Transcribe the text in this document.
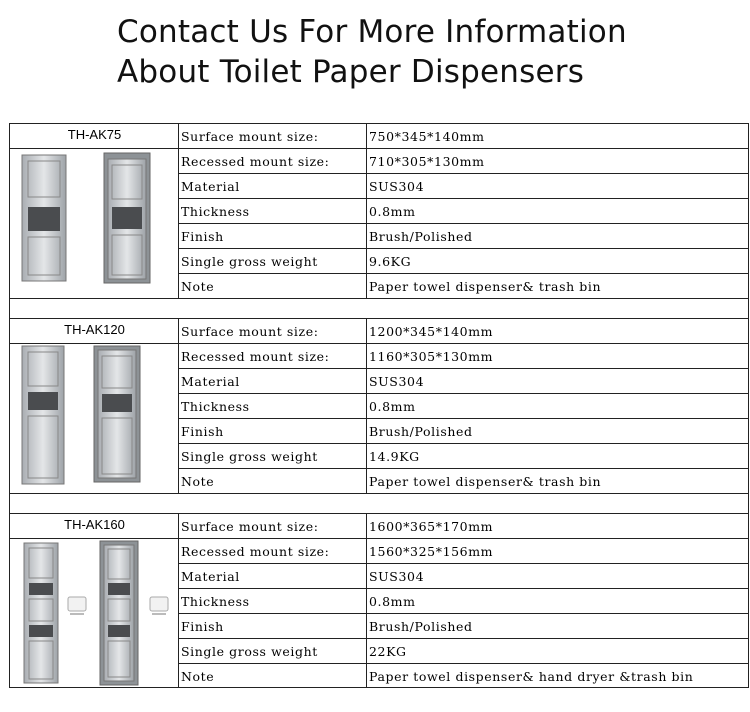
Contact Us For More Information
About Toilet Paper Dispensers
TH-AK75	Surface mount size:	750*345*140mm
Recessed mount size:	710*305*130mm
Material	SUS304
Thickness	0.8mm
Finish	Brush/Polished
Single gross weight	9.6KG
Note	Paper towel dispenser& trash bin
TH-AK120	Surface mount size:	1200*345*140mm
Recessed mount size:	1160*305*130mm
Material	SUS304
Thickness	0.8mm
Finish	Brush/Polished
Single gross weight	14.9KG
Note	Paper towel dispenser& trash bin
TH-AK160	Surface mount size:	1600*365*170mm
Recessed mount size:	1560*325*156mm
Material	SUS304
Thickness	0.8mm
Finish	Brush/Polished
Single gross weight	22KG
Note	Paper towel dispenser& hand dryer &trash bin
